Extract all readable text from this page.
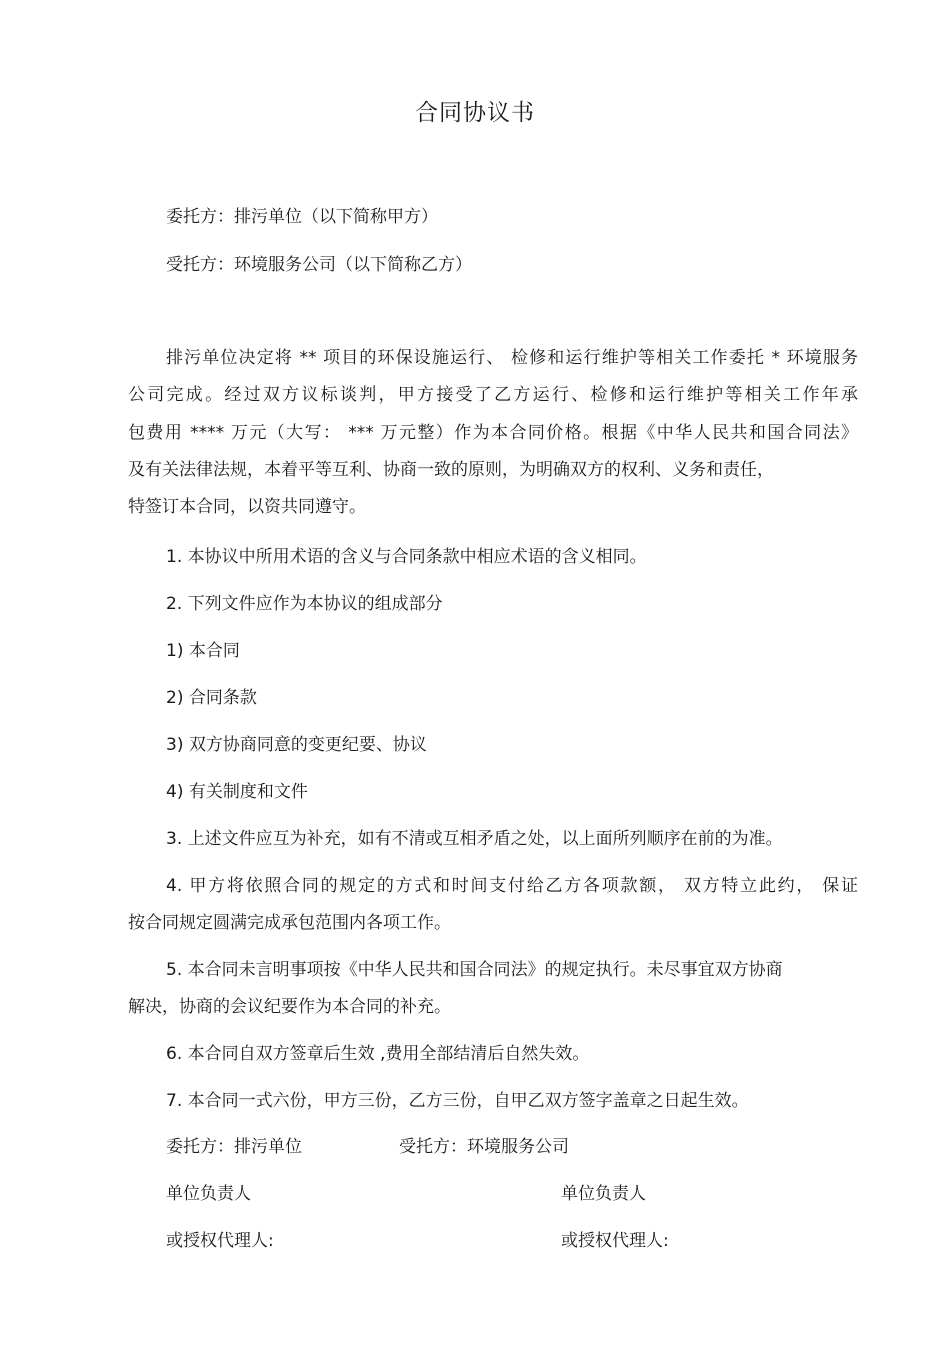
合同协议书
委托方：排污单位（以下简称甲方）
受托方：环境服务公司（以下简称乙方）
排污单位决定将 ** 项目的环保设施运行、 检修和运行维护等相关工作委托 * 环境服务
公司完成。经过双方议标谈判，甲方接受了乙方运行、检修和运行维护等相关工作年承
包费用 **** 万元（大写： *** 万元整）作为本合同价格。根据《中华人民共和国合同法》
及有关法律法规，本着平等互利、协商一致的原则，为明确双方的权利、义务和责任，
特签订本合同，以资共同遵守。
1. 本协议中所用术语的含义与合同条款中相应术语的含义相同。
2. 下列文件应作为本协议的组成部分
1) 本合同
2) 合同条款
3) 双方协商同意的变更纪要、协议
4) 有关制度和文件
3. 上述文件应互为补充，如有不清或互相矛盾之处，以上面所列顺序在前的为准。
4. 甲方将依照合同的规定的方式和时间支付给乙方各项款额， 双方特立此约， 保证
按合同规定圆满完成承包范围内各项工作。
5. 本合同未言明事项按《中华人民共和国合同法》的规定执行。未尽事宜双方协商
解决，协商的会议纪要作为本合同的补充。
6. 本合同自双方签章后生效 ,费用全部结清后自然失效。
7. 本合同一式六份，甲方三份，乙方三份，自甲乙双方签字盖章之日起生效。
委托方：排污单位	受托方：环境服务公司
单位负责人	单位负责人
或授权代理人:	或授权代理人:
